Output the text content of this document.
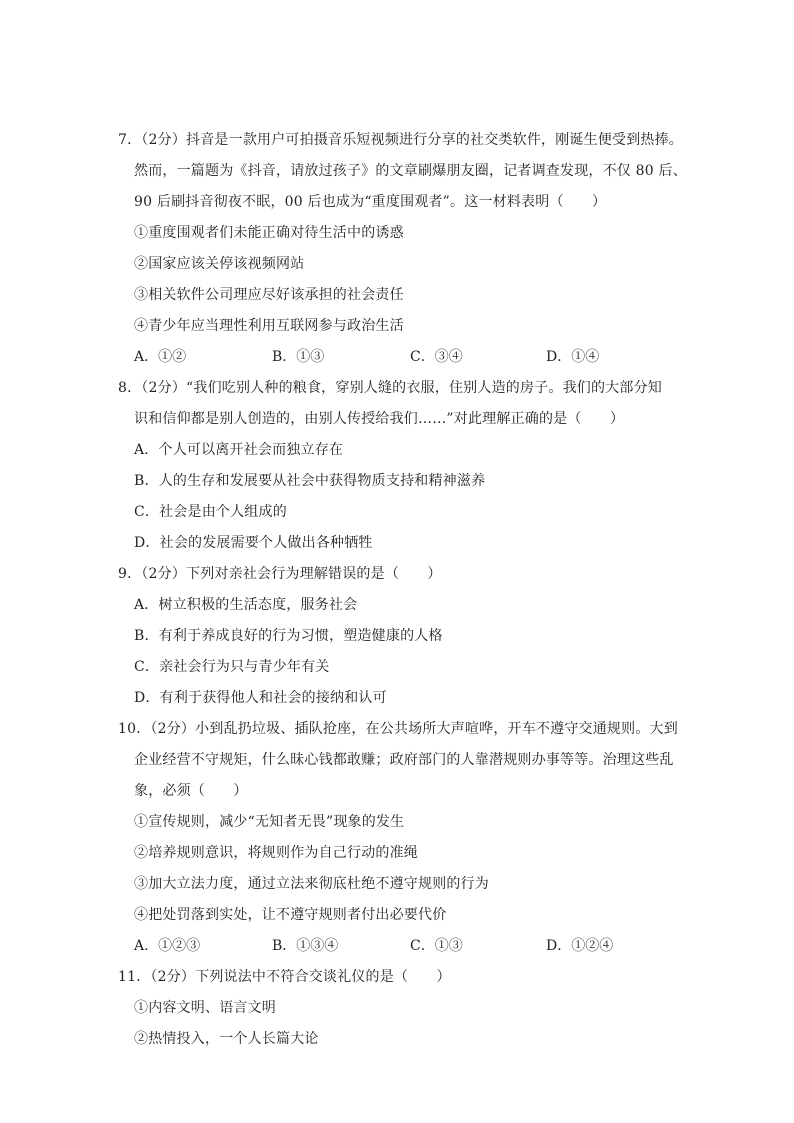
7．（2分）抖音是一款用户可拍摄音乐短视频进行分享的社交类软件，刚诞生便受到热捧。

然而，一篇题为《抖音，请放过孩子》的文章刷爆朋友圈，记者调查发现，不仅 80 后、

90 后刷抖音彻夜不眠，00 后也成为“重度围观者”。这一材料表明（　　）

①重度围观者们未能正确对待生活中的诱惑

②国家应该关停该视频网站

③相关软件公司理应尽好该承担的社会责任

④青少年应当理性利用互联网参与政治生活

A．①②	B．①③	C．③④	D．①④

8．（2分）“我们吃别人种的粮食，穿别人缝的衣服，住别人造的房子。我们的大部分知

识和信仰都是别人创造的，由别人传授给我们……”对此理解正确的是（　　）

A．个人可以离开社会而独立存在

B．人的生存和发展要从社会中获得物质支持和精神滋养

C．社会是由个人组成的

D．社会的发展需要个人做出各种牺牲

9．（2分）下列对亲社会行为理解错误的是（　　）

A．树立积极的生活态度，服务社会

B．有利于养成良好的行为习惯，塑造健康的人格

C．亲社会行为只与青少年有关

D．有利于获得他人和社会的接纳和认可

10．（2分）小到乱扔垃圾、插队抢座，在公共场所大声喧哗，开车不遵守交通规则。大到

企业经营不守规矩，什么昧心钱都敢赚；政府部门的人靠潜规则办事等等。治理这些乱

象，必须（　　）

①宣传规则，减少“无知者无畏”现象的发生

②培养规则意识，将规则作为自己行动的准绳

③加大立法力度，通过立法来彻底杜绝不遵守规则的行为

④把处罚落到实处，让不遵守规则者付出必要代价

A．①②③	B．①③④	C．①③	D．①②④

11．（2分）下列说法中不符合交谈礼仪的是（　　）

①内容文明、语言文明

②热情投入，一个人长篇大论
